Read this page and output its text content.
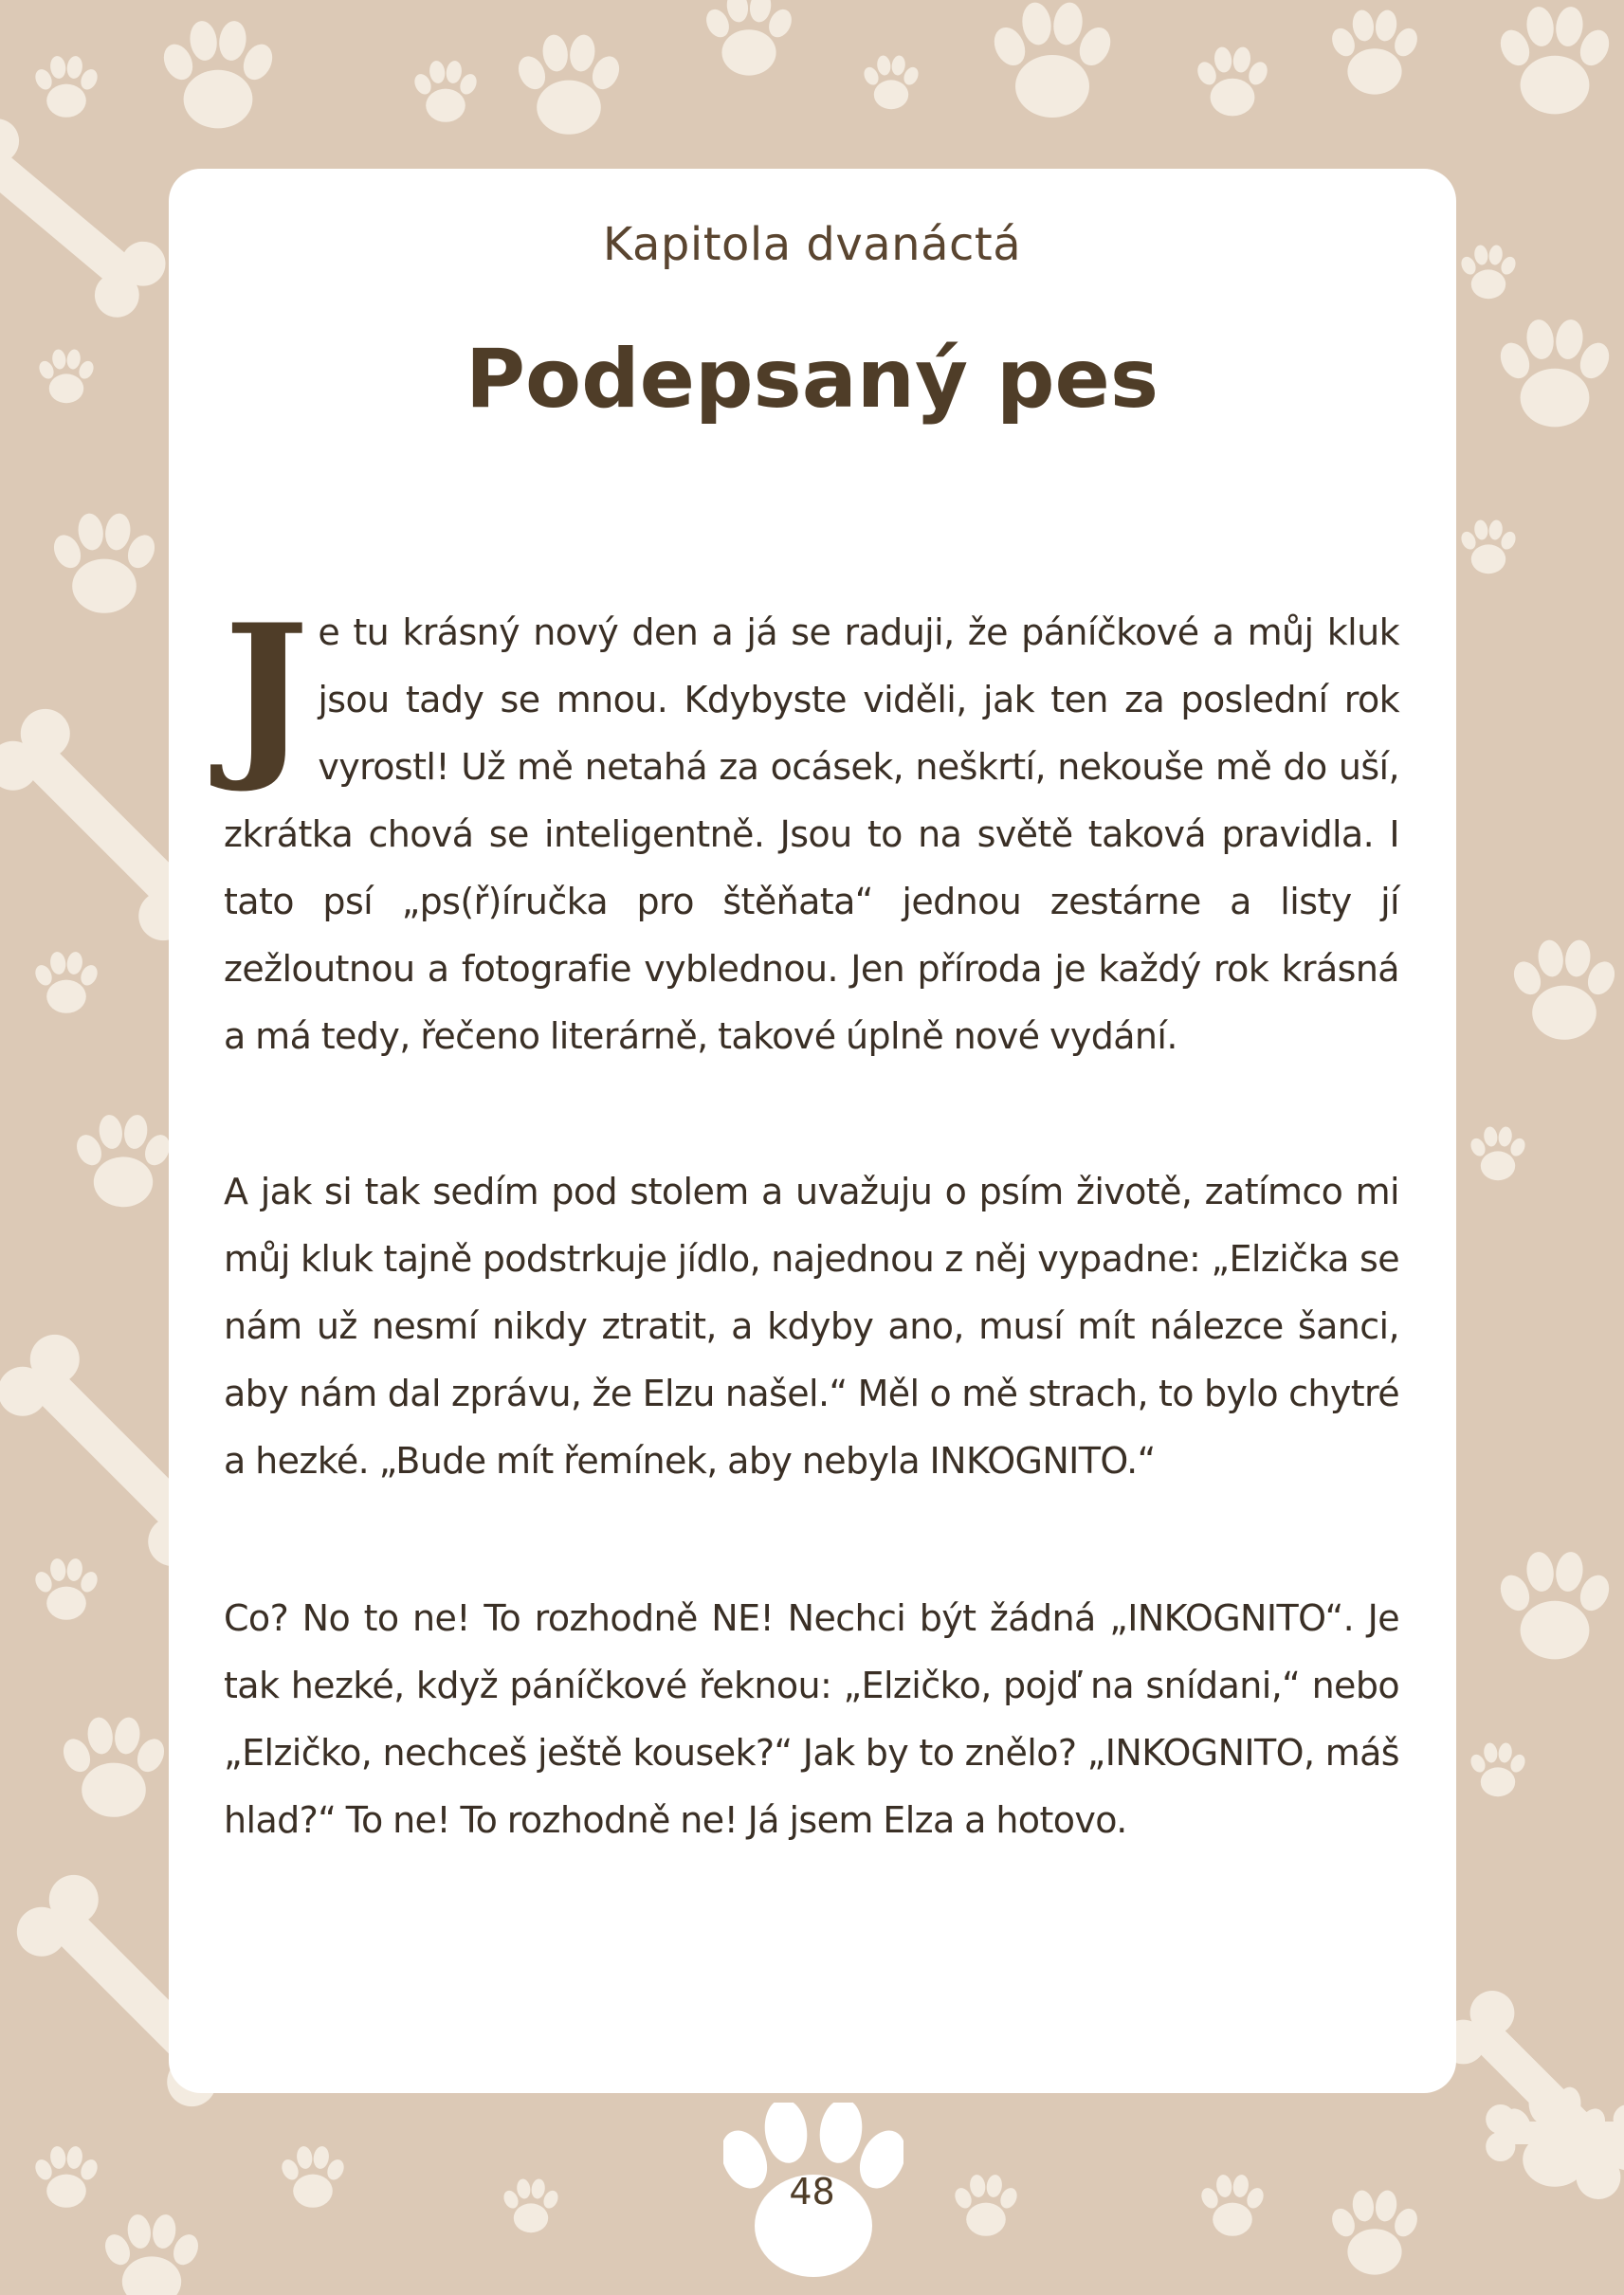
Kapitola dvanáctá
Podepsaný pes
Je tu krásný nový den a já se raduji, že páníčkové a můj kluk jsou tady se mnou. Kdybyste viděli, jak ten za poslední rok vyrostl! Už mě netahá za ocásek, neškrtí, nekouše mě do uší, zkrátka chová se inteligentně. Jsou to na světě taková pravidla. I tato psí „ps(ř)íručka pro štěňata“ jednou zestárne a listy jí zežloutnou a fotografie vyblednou. Jen příroda je každý rok krásná a má tedy, řečeno literárně, takové úplně nové vydání.
A jak si tak sedím pod stolem a uvažuju o psím životě, zatímco mi můj kluk tajně podstrkuje jídlo, najednou z něj vypadne: „Elzička se nám už nesmí nikdy ztratit, a kdyby ano, musí mít nálezce šanci, aby nám dal zprávu, že Elzu našel.“ Měl o mě strach, to bylo chytré a hezké. „Bude mít řemínek, aby nebyla INKOGNITO.“
Co? No to ne! To rozhodně NE! Nechci být žádná „INKOGNITO“. Je tak hezké, když páníčkové řeknou: „Elzičko, pojď na snídani,“ nebo „Elzičko, nechceš ještě kousek?“ Jak by to znělo? „INKOGNITO, máš hlad?“ To ne! To rozhodně ne! Já jsem Elza a hotovo.
48
